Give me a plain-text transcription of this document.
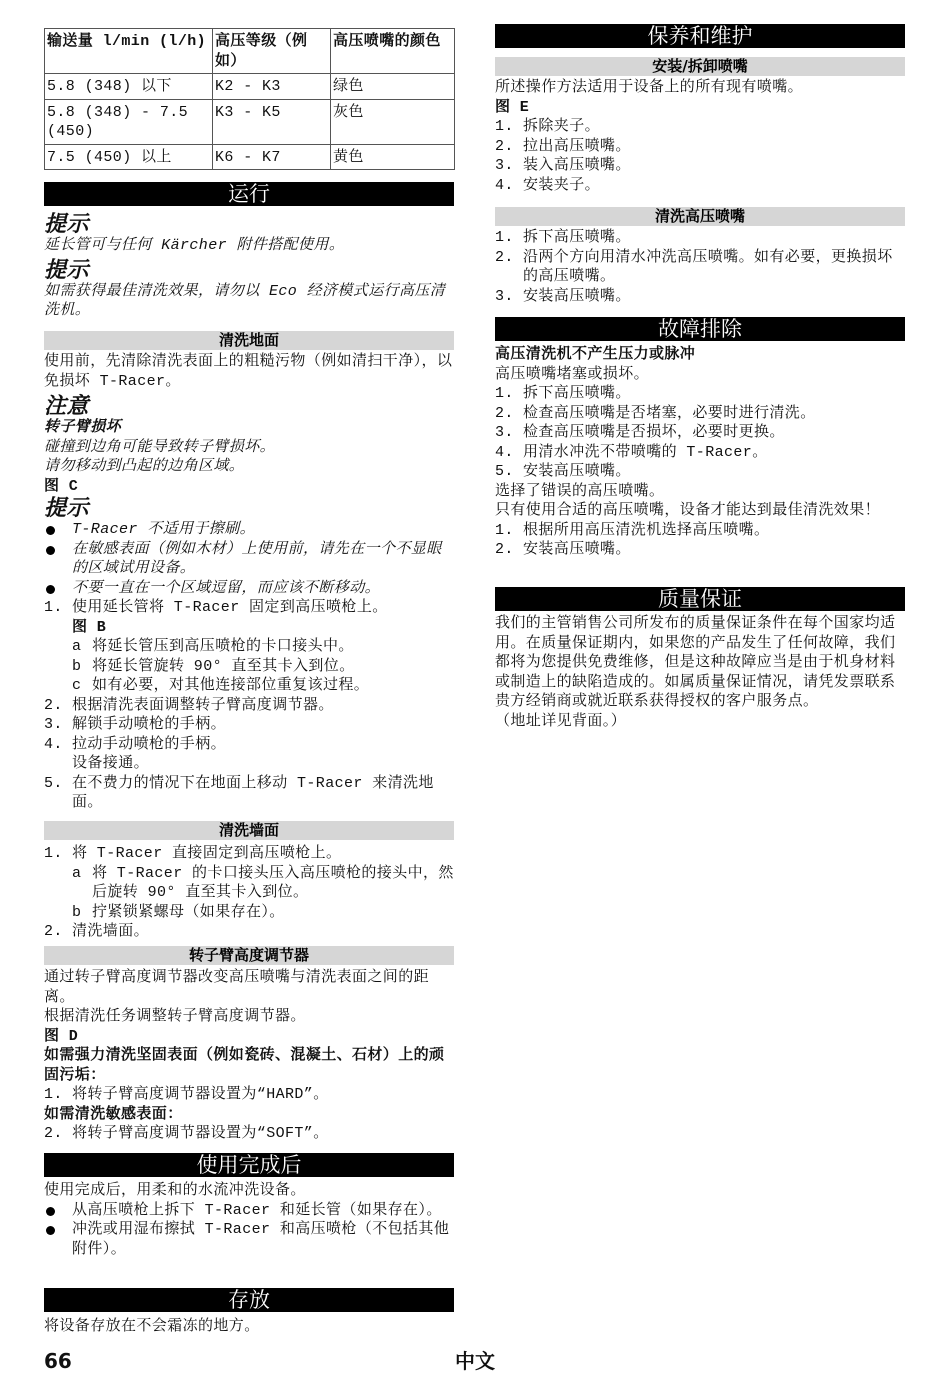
输送量 l/min (l/h)	高压等级（例如）	高压喷嘴的颜色
5.8 (348) 以下	K2 - K3	绿色
5.8 (348) - 7.5 (450)	K3 - K5	灰色
7.5 (450) 以上	K6 - K7	黄色
运行
提示
延长管可与任何 Kärcher 附件搭配使用。
提示
如需获得最佳清洗效果，请勿以 Eco 经济模式运行高压清洗机。
清洗地面
使用前，先清除清洗表面上的粗糙污物（例如清扫干净），以免损坏 T-Racer。
注意
转子臂损坏
碰撞到边角可能导致转子臂损坏。
请勿移动到凸起的边角区域。
图 C
提示
T-Racer 不适用于擦刷。
在敏感表面（例如木材）上使用前，请先在一个不显眼的区域试用设备。
不要一直在一个区域逗留，而应该不断移动。
1. 使用延长管将 T-Racer 固定到高压喷枪上。
图 B
a 将延长管压到高压喷枪的卡口接头中。
b 将延长管旋转 90° 直至其卡入到位。
c 如有必要，对其他连接部位重复该过程。
2. 根据清洗表面调整转子臂高度调节器。
3. 解锁手动喷枪的手柄。
4. 拉动手动喷枪的手柄。
设备接通。
5. 在不费力的情况下在地面上移动 T-Racer 来清洗地面。
清洗墙面
1. 将 T-Racer 直接固定到高压喷枪上。
a 将 T-Racer 的卡口接头压入高压喷枪的接头中，然后旋转 90° 直至其卡入到位。
b 拧紧锁紧螺母（如果存在）。
2. 清洗墙面。
转子臂高度调节器
通过转子臂高度调节器改变高压喷嘴与清洗表面之间的距离。
根据清洗任务调整转子臂高度调节器。
图 D
如需强力清洗坚固表面（例如瓷砖、混凝土、石材）上的顽固污垢：
1. 将转子臂高度调节器设置为“HARD”。
如需清洗敏感表面：
2. 将转子臂高度调节器设置为“SOFT”。
使用完成后
使用完成后，用柔和的水流冲洗设备。
从高压喷枪上拆下 T-Racer 和延长管（如果存在）。
冲洗或用湿布擦拭 T-Racer 和高压喷枪（不包括其他附件）。
存放
将设备存放在不会霜冻的地方。
保养和维护
安装/拆卸喷嘴
所述操作方法适用于设备上的所有现有喷嘴。
图 E
1. 拆除夹子。
2. 拉出高压喷嘴。
3. 装入高压喷嘴。
4. 安装夹子。
清洗高压喷嘴
1. 拆下高压喷嘴。
2. 沿两个方向用清水冲洗高压喷嘴。如有必要，更换损坏的高压喷嘴。
3. 安装高压喷嘴。
故障排除
高压清洗机不产生压力或脉冲
高压喷嘴堵塞或损坏。
1. 拆下高压喷嘴。
2. 检查高压喷嘴是否堵塞，必要时进行清洗。
3. 检查高压喷嘴是否损坏，必要时更换。
4. 用清水冲洗不带喷嘴的 T-Racer。
5. 安装高压喷嘴。
选择了错误的高压喷嘴。
只有使用合适的高压喷嘴，设备才能达到最佳清洗效果！
1. 根据所用高压清洗机选择高压喷嘴。
2. 安装高压喷嘴。
质量保证
我们的主管销售公司所发布的质量保证条件在每个国家均适用。在质量保证期内，如果您的产品发生了任何故障，我们都将为您提供免费维修，但是这种故障应当是由于机身材料或制造上的缺陷造成的。如属质量保证情况，请凭发票联系贵方经销商或就近联系获得授权的客户服务点。
（地址详见背面。）
66	中文
